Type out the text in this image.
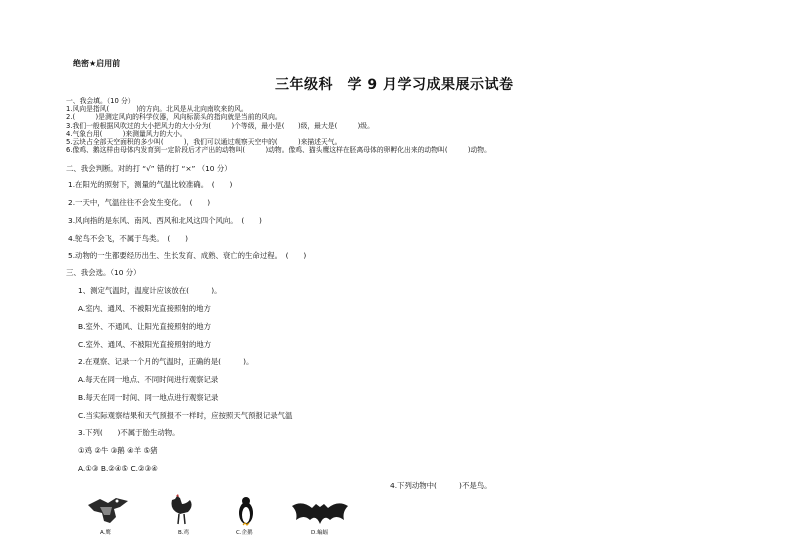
绝密★启用前
三年级科　学 9 月学习成果展示试卷
一、我会填。（10 分）
1.风向是指风(　　　　)的方向。北风是从北向南吹来的风。
2.(　　　)是测定风向的科学仪器，风向标箭头的指向就是当前的风向。
3.我们一般根据风吹过的大小把风力的大小分为(　　　)个等级，最小是(　　)级，最大是(　　　)级。
4.气象台用(　　　)来测量风力的大小。
5.云块占全部天空面积的多少叫(　　　)，我们可以通过观察天空中的(　　　)来描述天气。
6.像鸡、鹅这样由母体内发育到一定阶段后才产出的动物叫(　　　)动物。像鸡、猫头鹰这样在胚离母体的卵孵化出来的动物叫(　　　)动物。
二、我会判断。对的打 “√” 错的打 “×” （10 分）
1.在阳光的照射下，测量的气温比较准确。　(　　)
2.一天中，气温往往不会发生变化。　(　　)
3.风向指的是东风、南风、西风和北风这四个风向。　(　　)
4.鸵鸟不会飞，不属于鸟类。　(　　)
5.动物的一生都要经历出生、生长发育、成熟、衰亡的生命过程。　(　　)
三、我会选。（10 分）
1、测定气温时，温度计应该放在(　　　)。
A.室内、通风、不被阳光直接照射的地方
B.室外、不通风、让阳光直接照射的地方
C.室外、通风、不被阳光直接照射的地方
2.在观察、记录一个月的气温时，正确的是(　　　)。
A.每天在同一地点、不同时间进行观察记录
B.每天在同一时间、同一地点进行观察记录
C.当实际观察结果和天气预报不一样时，应按照天气预报记录气温
3.下列(　　)不属于胎生动物。
①鸡 ②牛 ③鹅 ④羊 ⑤猪
A.①③ B.②④⑤ C.②③④
4.下列动物中(　　　)不是鸟。
A.鹰	B.鸡	C.企鹅	D.蝙蝠
